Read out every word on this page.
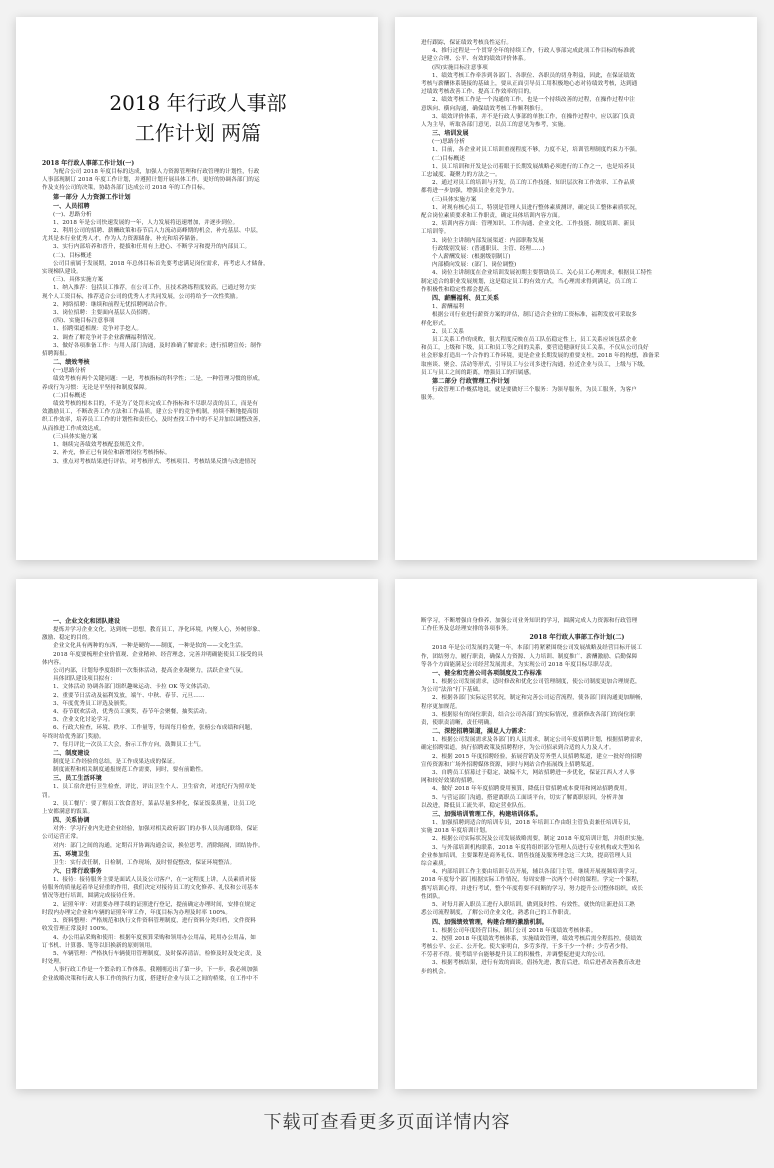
2018 年行政人事部
工作计划 两篇

2018 年行政人事部工作计划(一)

为配合公司 2018 年度目标的达成，加强人力资源管理和行政管理的计划性，行政

人事部现制订 2018 年度工作计划，并遵照计划开展具体工作，更好的协调各部门的运

作及支持公司的决策，协助各部门达成公司 2018 年的工作目标。

第一部分 人力资源工作计划

一、人员招聘

(一)、思路分析

1、2018 年是公司快速发展的一年，人力发展将迅速增加，并逐步到位。

2、利用公司的招聘、薪酬政策和春节后人力流动高峰期的机会，补充基层、中层，

尤其是本行业优秀人才，作为人力资源储备，补充和培养储备。

3、实行内部培养和晋升，提拔和任用有上进心、不断学习和提升的内部员工。

(二)、目标概述

公司目前属于发展期，2018 年总体目标首先要考虑满足岗位需求，再考虑人才储备，

实现梯队建设。

(三)、具体实施方案

1、纳入推荐：包括员工推荐，在公司工作，且技术熟练程度较高，已通过努力实

现个人工资目标，推荐适合公司的优秀人才共同发展，公司将给予一次性奖励。

2、网络招聘：继续和前程无忧招聘网站合作。

3、岗位招聘：主要面向基层人员招聘。

(四)、实施目标注意事项

1、招聘渠道相规：竞争对手挖人。

2、调查了解竞争对手企业薪酬福利情况。

3、做好各项准备工作：与用人部门沟通，及时准确了解需求；进行招聘宣传；制作

招聘海报。

二、绩效考核

(一)思路分析

绩效考核有两个关键问题：一是，考核指标的科学性；二是，一种管理习惯的形成，

养成行为习惯：无论是平坚持和制度保障。

(二)目标概述

绩效考核的根本目的，不是为了处罚未完成工作指标和不尽职尽责的员工，而是有

效激励员工，不断改善工作方法和工作品质，建立公平的竞争机制，持续不断地提高组

织工作效率，培养员工工作的计划性和责任心，及时查找工作中的不足并加以调整改善，

从而推进工作成效达成。

(三)具体实施方案

1、继续完善绩效考核配套规范文件。

2、补充，修正已有岗位和新增岗位考核指标。

3、重点对考核结果进行评估，对考核形式、考核项目、考核结果反馈与改进情况

进行跟踪，保证绩效考核良性运行。

4、推行过程是一个贯穿全年的持续工作，行政人事部完成此项工作目标的标准就

是建立合理、公平、有效的绩效评价体系。

(四)实施目标注意事项

1、绩效考核工作牵涉到各部门、各职位、各职员的切身利益，因此，在保证绩效

考核与薪酬体系链接的基础上，要从正面引导员工用积极地心态对待绩效考核，达到通

过绩效考核改善工作、提高工作效率的目的。

2、绩效考核工作是一个沟通的工作，也是一个持续改善的过程，在操作过程中注

意纵向、横向沟通，确保绩效考核工作顺利推行。

3、绩效评价体系，并不是行政人事部的单独工作，在操作过程中，应以部门负责

人为主导，听取各部门意见，以员工的意见为参考，实施。

三、培训发展

(一)思路分析

1、目前，各企业对员工培训重视程度不够，力度不足，培训管理制度约束力不强。

(二)目标概述

1、员工培训和开发是公司着眼于长期发展战略必须进行的工作之一，也是培养员

工忠诚度、凝聚力的方法之一。

2、通过对员工的培训与开发，员工的工作技能、知识层次和工作效率、工作品质

都将进一步加强，增强员企业竞争力。

(三)具体实施方案

1、对现有核心员工，特别是管理人员进行整体素质测评，确定员工整体素质状况，

配合岗位素质要求和工作职责，确定具体培训内容方面。

2、培训内容方面：管理知识、工作沟通、企业文化、工作技能、制度培训、新员

工培训等。

3、岗位主讲制内部发展渠道：内部职称发展

行政级别发展：(普通职员、主管、经理……)

个人薪酬发展：(根据级别制订)

内部横向发展：(部门、岗位调整)

4、岗位主讲制度在企业培训发展初期主要帮助员工、关心员工心理需求，根据员工特性

制定适合的职业发展规划，这是稳定员工的有效方式，当心理需求得到满足，员工的工

作积极性和稳定性都会提高。

四、薪酬福利、员工关系

1、薪酬福利

根据公司行业进行薪资方案的评估，制订适合企业的工资标准，福利发放可采取多

样化形式。

2、员工关系

员工关系工作的成败，很大程度反映在员工队伍稳定性上，员工关系应该包括企业

和员工，上级和下级，员工和员工等之间的关系，要营造健康好员工关系，不仅从公司良好

社会形象打造出一个合作的工作环境，更是企业长期发展的重要支柱。2018 年的构想，准备采

取座谈、聚会、活动等形式，引导员工与公司多进行沟通，拉近企业与员工，上级与下级，

员工与员工之间的距离，增强员工的归属感。

第二部分 行政管理工作计划

行政管理工作概括地说，就是要做好三个服务：为领导服务，为员工服务，为客户

服务。

一、企业文化和团队建设

提炼并学习企业文化，达到统一思想，教育员工，净化环境，内聚人心，外树形象、

激励、稳定的目的。

企业文化具有两种的东西，一种是硬的——制度，一种是软的——文化生活。

2018 年度要梳理企业价值观、企业精神、经营理念，完善并明确能使员工接受的具

体内容。

公司内部，计划每季度组织一次集体活动，提高企业凝聚力，活跃企业气氛。

具体团队建设项目拟有：

1、文体活动 协调各部门组织趣味运动、卡拉 OK 等文体活动。

2、重要节日活动及福利发放，端午、中秋、春节、元旦……

3、年度优秀员工评选及颁奖。

4、春节联欢活动，优秀员工颁奖，春节年会聚餐，抽奖活动。

5、企业文化讨论学习。

6、行政大检查，环境、秩序、工作量等，每周每月检查，张榜公布成绩和问题，

年终时给优秀部门奖励。

7、每月评比一次员工大会，指示工作方向，鼓舞员工士气。

二、制度建设

制度是工作经验的总结，是工作成果达成的保证。

制度流程和相关制度通报规范工作需要，同时，要有前瞻性。

三、员工生活环境

1、员工宿舍进行卫生检查，评比，评出卫生个人、卫生宿舍，对违纪行为照章处

罚。

2、员工餐厅：要了解员工饮食喜好，菜品尽量多样化，保证饭菜质量，让员工吃

上安都满意的饭菜。

四、关系协调

对外：学习行业内先进企业经验，加强对相关政府部门的办事人员沟通联络，保证

公司运营正常。

对内：部门之间的沟通，定期召开协调沟通会议，换位思考，消除隔阂，团结协作。

五、环境卫生

卫生：实行责任制，日检制，工作现场，及时督促整改，保证环境整洁。

六、日常行政事务

1、接待：接待服务主要是面试人员及公司客户，在一定程度上讲，人员素质对接

待服务的质量起着举足轻重的作用，我们决定对接待员工的文化修养、礼仪和公司基本

情况等进行培训，圆满完成接待任务。

2、证照年审：对需要办理手续的证照进行登记，提前确定办理时间，安排在规定

时段内办理完企业和车辆的证照年审工作，年度目标为办理及时率 100%。

3、资料整理：严格规范和执行文件资料管理制度，进行资料分类归档，文件资料

收发管理正常及时 100%。

4、办公用品采购和使用：根据年度预算采购和领用办公用品，耗用办公用品，如

订书机、计算器、笔等以旧换新的原则领用。

5、车辆管理：严格执行车辆使用管理制度，及时保养清洁，检修及时及处定责，及

时处理。

人事行政工作是一个繁杂的工作体系，我刚刚迈出了第一步，下一步，我必须加强

企业战略决策和行政人事工作的执行力度，搭建好企业与员工之间的桥梁，在工作中不

断学习，不断增强自身修养，加强公司业务知识的学习，圆满完成人力资源和行政管理

工作任务及总经理安排的各项事务。

2018 年行政人事部工作计划(二)

2018 年是公司发展的关键一年，本部门将紧紧围绕公司发展战略及经营目标开展工

作，团结努力，履行职责，确保人力资源、人力培训、制度推广、薪酬激励、后勤保障

等各个方面能满足公司经营发展需求，为实现公司 2018 年度目标尽职尽责。

一、健全和完善公司各项制度及工作标准

1、根据公司发展需求，适时修改和优化公司管理制度，使公司制度更加合理规范，

为公司“法治”打下基础。

2、根据各部门实际运营状况，制定和完善公司运营流程，使各部门间沟通更加顺畅，

程序更加规范。

3、根据原有的岗位职责，结合公司各部门的实际情况，重新修改各部门的岗位职

责，使职责清晰，责任明确。

二、深挖招聘渠道，满足人力需求：

1、根据公司发展需求及各部门的人员需求，制定公司年度招聘计划，根据招聘需求，

确定招聘渠道，执行招聘政策及招聘程序，为公司招录到合适的人力及人才。

2、根据 2015 年度招聘经验，拓展营销及劳务型人员招聘渠道，建立一批好的招聘

宣传资源和广场外招聘媒体资源，同时与网站合作拓展线上招聘渠道。

3、自聘员工招募过于稳定，缺编不大，网站招聘进一步优化，保证江西人才人事

网和较好效果的招聘。

4、做好 2018 年年度招聘费用预算，降低日常招聘成本费用和网站招聘费用。

5、与营运部门沟通，搭建离职员工面谈平台，切实了解离职原因，分析并加

以改进，降低员工流失率，稳定营业队伍。

三、加强培训管理工作，构建培训体系。

1、加强招聘到适合的培训专员，2018 年培训工作由组主管负责兼任培训专员，

实施 2018 年度培训计划。

2、根据公司实际状况及公司发展战略需要，制定 2018 年度培训计划，并组织实施。

3、与外部培训机构联系，2018 年度将组织部分管理人员进行专业机构或大型知名

企业参加培训，主要课程是商务礼仪、销售技能及服务理念这三大块，提高管理人员

综合素质。

4、内部培训工作主要由培训专员开展，辅以各部门主管。继续开展视频培训学习，

2018 年度每个部门根据实际工作情况，每周安排一次两个小时的课程。学完一个课程，

撰写培训心得，并进行考试，整个年度将要不间断的学习，努力提升公司整体组织，成长

性团队。

5、对每月新入职员工进行入职培训，做到及时性、有效性，就快的让新进员工熟

悉公司流程制度，了解公司企业文化，熟悉自己的工作职责。

四、加强绩效管理，构建合理的激励机制。

1、根据公司年度经营目标，制订公司 2018 年度绩效考核体系。

2、按照 2018 年度绩效考核体系，实施绩效管理，绩效考核后需全程监控，使绩效

考核公平、公正、公开化。使大家明白，多劳多得，干多干少一个样；少劳者少得，

不劳者不得。使考绩平台能够提升员工的积极性，并调整促进更大的公司。

3、根据考核结果，进行有效的面谈，倡扬先进，教育后进，给后进者改善教育改进

步的机会。

下载可查看更多页面详情内容
